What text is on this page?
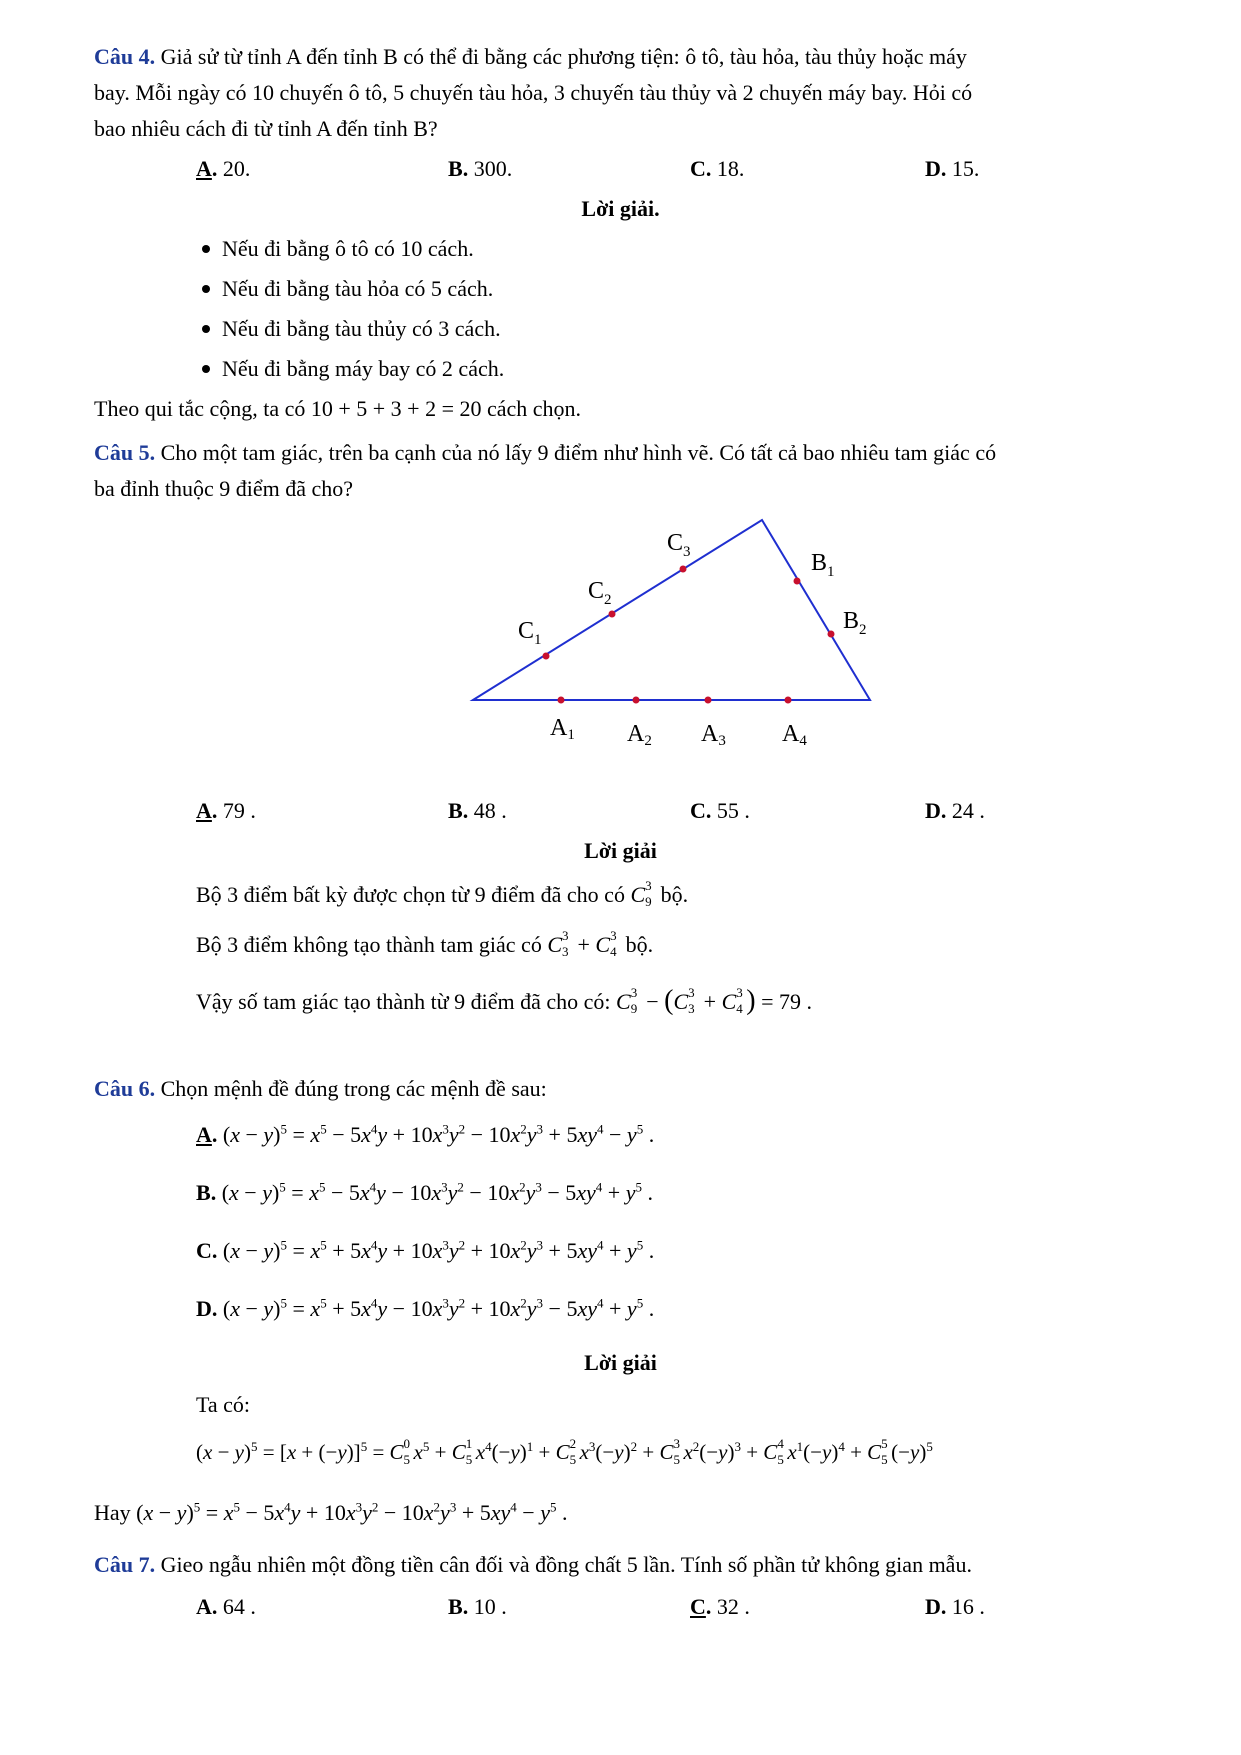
Câu 4. Giả sử từ tỉnh A đến tỉnh B có thể đi bằng các phương tiện: ô tô, tàu hỏa, tàu thủy hoặc máy
bay. Mỗi ngày có 10 chuyến ô tô, 5 chuyến tàu hỏa, 3 chuyến tàu thủy và 2 chuyến máy bay. Hỏi có
bao nhiêu cách đi từ tỉnh A đến tỉnh B?
A. 20.	B. 300.	C. 18.	D. 15.
Lời giải.
Nếu đi bằng ô tô có 10 cách.
Nếu đi bằng tàu hỏa có 5 cách.
Nếu đi bằng tàu thủy có 3 cách.
Nếu đi bằng máy bay có 2 cách.
Theo qui tắc cộng, ta có 10 + 5 + 3 + 2 = 20 cách chọn.
Câu 5. Cho một tam giác, trên ba cạnh của nó lấy 9 điểm như hình vẽ. Có tất cả bao nhiêu tam giác có
ba đỉnh thuộc 9 điểm đã cho?
$C_3$
$C_2$
$C_1$
$B_1$
$B_2$
A1 A2 A3 A4
A. 79 .	B. 48 .	C. 55 .	D. 24 .
Lời giải
Bộ 3 điểm bất kỳ được chọn từ 9 điểm đã cho có C 3
9 bộ.
Bộ 3 điểm không tạo thành tam giác có C 3
3 + C 3
4 bộ.
Vậy số tam giác tạo thành từ 9 điểm đã cho có: C 3
9 − (C 3
3 + C 3
4 ) = 79 .
Câu 6. Chọn mệnh đề đúng trong các mệnh đề sau:
A. $(x - y)^5 = x^5 - 5x^4y + 10x^3y^2 - 10x^2y^3 + 5xy^4 - y^5$ .
B. $(x - y)^5 = x^5 - 5x^4y - 10x^3y^2 - 10x^2y^3 - 5xy^4 + y^5$ .
C. $(x - y)^5 = x^5 + 5x^4y + 10x^3y^2 + 10x^2y^3 + 5xy^4 + y^5$ .
D. $(x - y)^5 = x^5 + 5x^4y - 10x^3y^2 + 10x^2y^3 - 5xy^4 + y^5$ .
Lời giải
Ta có:
$(x - y)^5 = [x + (-y)]^5 = C$ 0
5 $x^5 + C$ 1
5 $x^4(-y)^1 + C$ 2
5 $x^3(-y)^2 + C$ 3
5 $x^2(-y)^3 + C$ 4
5 $x^1(-y)^4 + C$ 5
5 $(-y)^5$
Hay $(x - y)^5 = x^5 - 5x^4y + 10x^3y^2 - 10x^2y^3 + 5xy^4 - y^5$ .
Câu 7. Gieo ngẫu nhiên một đồng tiền cân đối và đồng chất 5 lần. Tính số phần tử không gian mẫu.
A. 64 .	B. 10 .	C. 32 .	D. 16 .
